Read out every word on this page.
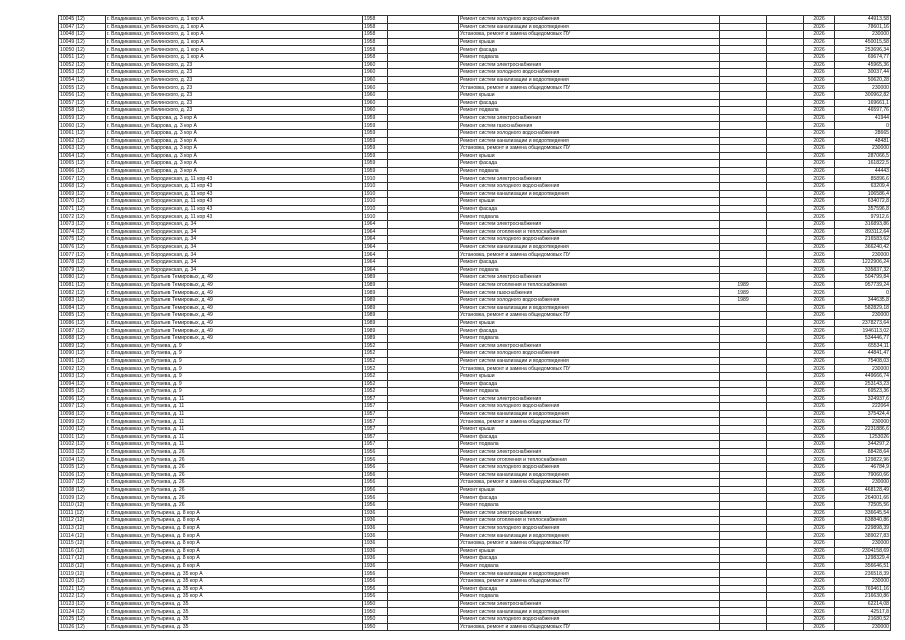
10045 (12)	г. Владикавказ, ул Белинского, д. 1 кор А	1958		Ремонт систем холодного водоснабжения			2026	44913,58
10047 (12)	г. Владикавказ, ул Белинского, д. 1 кор А	1958		Ремонт систем канализации и водоотведения			2026	78601,16
10048 (12)	г. Владикавказ, ул Белинского, д. 1 кор А	1958		Установка, ремонт и замена общедомовых ПУ			2026	230000
10049 (12)	г. Владикавказ, ул Белинского, д. 1 кор А	1958		Ремонт крыши			2026	450015,58
10050 (12)	г. Владикавказ, ул Белинского, д. 1 кор А	1958		Ремонт фасада			2026	253696,34
10051 (12)	г. Владикавказ, ул Белинского, д. 1 кор А	1958		Ремонт подвала			2026	69674,77
10052 (12)	г. Владикавказ, ул Белинского, д. 23	1960		Ремонт систем электроснабжения			2026	45965,36
10053 (12)	г. Владикавказ, ул Белинского, д. 23	1960		Ремонт систем холодного водоснабжения			2026	30037,44
10054 (12)	г. Владикавказ, ул Белинского, д. 23	1960		Ремонт систем канализации и водоотведения			2026	50620,28
10055 (12)	г. Владикавказ, ул Белинского, д. 23	1960		Установка, ремонт и замена общедомовых ПУ			2026	230000
10056 (12)	г. Владикавказ, ул Белинского, д. 23	1960		Ремонт крыши			2026	300962,82
10057 (12)	г. Владикавказ, ул Белинского, д. 23	1960		Ремонт фасада			2026	169661,1
10058 (12)	г. Владикавказ, ул Белинского, д. 23	1960		Ремонт подвала			2026	46597,76
10059 (12)	г. Владикавказ, ул Баррова, д. 3 кор А	1959		Ремонт систем электроснабжения			2026	41944
10060 (12)	г. Владикавказ, ул Баррова, д. 3 кор А	1959		Ремонт систем газоснабжения			2026	0
10061 (12)	г. Владикавказ, ул Баррова, д. 3 кор А	1959		Ремонт систем холодного водоснабжения			2026	28665
10062 (12)	г. Владикавказ, ул Баррова, д. 3 кор А	1959		Ремонт систем канализации и водоотведения			2026	48481
10063 (12)	г. Владикавказ, ул Баррова, д. 3 кор А	1959		Установка, ремонт и замена общедомовых ПУ			2026	230000
10064 (12)	г. Владикавказ, ул Баррова, д. 3 кор А	1959		Ремонт крыши			2026	287066,5
10065 (12)	г. Владикавказ, ул Баррова, д. 3 кор А	1959		Ремонт фасада			2026	161822,5
10066 (12)	г. Владикавказ, ул Баррова, д. 3 кор А	1959		Ремонт подвала			2026	44443
10067 (12)	г. Владикавказ, ул Бородинская, д. 11 кор 43	1910		Ремонт систем электроснабжения			2026	85896,6
10068 (12)	г. Владикавказ, ул Бородинская, д. 11 кор 43	1910		Ремонт систем холодного водоснабжения			2026	63209,4
10069 (12)	г. Владикавказ, ул Бородинская, д. 11 кор 43	1910		Ремонт систем канализации и водоотведения			2026	106586,4
10070 (12)	г. Владикавказ, ул Бородинская, д. 11 кор 43	1910		Ремонт крыши			2026	634072,8
10071 (12)	г. Владикавказ, ул Бородинская, д. 11 кор 43	1910		Ремонт фасада			2026	357596,8
10072 (12)	г. Владикавказ, ул Бородинская, д. 11 кор 43	1910		Ремонт подвала			2026	97912,6
10073 (12)	г. Владикавказ, ул Бородинская, д. 34	1964		Ремонт систем электроснабжения			2026	316893,86
10074 (12)	г. Владикавказ, ул Бородинская, д. 34	1964		Ремонт систем отопления и теплоснабжения			2026	893112,64
10075 (12)	г. Владикавказ, ул Бородинская, д. 34	1964		Ремонт систем холодного водоснабжения			2026	216583,62
10076 (12)	г. Владикавказ, ул Бородинская, д. 34	1964		Ремонт систем канализации и водоотведения			2026	366240,42
10077 (12)	г. Владикавказ, ул Бородинская, д. 34	1964		Установка, ремонт и замена общедомовых ПУ			2026	230000
10078 (12)	г. Владикавказ, ул Бородинская, д. 34	1964		Ремонт фасада			2026	1222906,24
10079 (12)	г. Владикавказ, ул Бородинская, д. 34	1964		Ремонт подвала			2026	335837,32
10080 (12)	г. Владикавказ, ул Братьев Темировых, д. 49	1989		Ремонт систем электроснабжения			2026	504799,84
10081 (12)	г. Владикавказ, ул Братьев Темировых, д. 49	1989		Ремонт систем отопления и теплоснабжения	1989		2026	957739,24
10082 (12)	г. Владикавказ, ул Братьев Темировых, д. 49	1989		Ремонт систем газоснабжения	1989		2026	0
10083 (12)	г. Владикавказ, ул Братьев Темировых, д. 49	1989		Ремонт систем холодного водоснабжения	1989		2026	344635,8
10084 (12)	г. Владикавказ, ул Братьев Темировых, д. 49	1989		Ремонт систем канализации и водоотведения			2026	582829,18
10085 (12)	г. Владикавказ, ул Братьев Темировых, д. 49	1989		Установка, ремонт и замена общедомовых ПУ			2026	230000
10086 (12)	г. Владикавказ, ул Братьев Темировых, д. 49	1989		Ремонт крыши			2026	2378273,64
10087 (12)	г. Владикавказ, ул Братьев Темировых, д. 49	1989		Ремонт фасада			2026	1946113,02
10088 (12)	г. Владикавказ, ул Братьев Темировых, д. 49	1989		Ремонт подвала			2026	534446,77
10089 (12)	г. Владикавказ, ул Бутаева, д. 9	1952		Ремонт систем электроснабжения			2026	65534,11
10090 (12)	г. Владикавказ, ул Бутаева, д. 9	1952		Ремонт систем холодного водоснабжения			2026	44841,47
10091 (12)	г. Владикавказ, ул Бутаева, д. 9	1952		Ремонт систем канализации и водоотведения			2026	75408,03
10092 (12)	г. Владикавказ, ул Бутаева, д. 9	1952		Установка, ремонт и замена общедомовых ПУ			2026	230000
10093 (12)	г. Владикавказ, ул Бутаева, д. 9	1952		Ремонт крыши			2026	449666,74
10094 (12)	г. Владикавказ, ул Бутаева, д. 9	1952		Ремонт фасада			2026	253143,23
10095 (12)	г. Владикавказ, ул Бутаева, д. 9	1952		Ремонт подвала			2026	69523,36
10096 (12)	г. Владикавказ, ул Бутаева, д. 11	1957		Ремонт систем электроснабжения			2026	324937,6
10097 (12)	г. Владикавказ, ул Бутаева, д. 11	1957		Ремонт систем холодного водоснабжения			2026	222064
10098 (12)	г. Владикавказ, ул Бутаева, д. 11	1957		Ремонт систем канализации и водоотведения			2026	375424,4
10099 (12)	г. Владикавказ, ул Бутаева, д. 11	1957		Установка, ремонт и замена общедомовых ПУ			2026	230000
10100 (12)	г. Владикавказ, ул Бутаева, д. 11	1957		Ремонт крыши			2026	2231886,6
10101 (12)	г. Владикавказ, ул Бутаева, д. 11	1957		Ремонт фасада			2026	1253026
10102 (12)	г. Владикавказ, ул Бутаева, д. 11	1957		Ремонт подвала			2026	344297,2
10103 (12)	г. Владикавказ, ул Бутаева, д. 26	1956		Ремонт систем электроснабжения			2026	88428,64
10104 (12)	г. Владикавказ, ул Бутаева, д. 26	1956		Ремонт систем отопления и теплоснабжения			2026	129822,96
10105 (12)	г. Владикавказ, ул Бутаева, д. 26	1956		Ремонт систем холодного водоснабжения			2026	46784,9
10106 (12)	г. Владикавказ, ул Бутаева, д. 26	1956		Ремонт систем канализации и водоотведения			2026	79060,66
10107 (12)	г. Владикавказ, ул Бутаева, д. 26	1956		Установка, ремонт и замена общедомовых ПУ			2026	230000
10108 (12)	г. Владикавказ, ул Бутаева, д. 26	1956		Ремонт крыши			2026	468128,49
10109 (12)	г. Владикавказ, ул Бутаева, д. 26	1956		Ремонт фасада			2026	264001,66
10110 (12)	г. Владикавказ, ул Бутаева, д. 26	1956		Ремонт подвала			2026	72505,56
10111 (12)	г. Владикавказ, ул Бутырина, д. 8 кор А	1936		Ремонт систем электроснабжения			2026	336645,54
10112 (12)	г. Владикавказ, ул Бутырина, д. 8 кор А	1936		Ремонт систем отопления и теплоснабжения			2026	638840,86
10113 (12)	г. Владикавказ, ул Бутырина, д. 8 кор А	1936		Ремонт систем холодного водоснабжения			2026	229898,39
10114 (12)	г. Владикавказ, ул Бутырина, д. 8 кор А	1936		Ремонт систем канализации и водоотведения			2026	389027,83
10115 (12)	г. Владикавказ, ул Бутырина, д. 8 кор А	1936		Установка, ремонт и замена общедомовых ПУ			2026	230000
10116 (12)	г. Владикавказ, ул Бутырина, д. 8 кор А	1936		Ремонт крыши			2026	2304158,69
10117 (12)	г. Владикавказ, ул Бутырина, д. 8 кор А	1936		Ремонт фасада			2026	1298329,4
10118 (12)	г. Владикавказ, ул Бутырина, д. 8 кор А	1936		Ремонт подвала			2026	356646,51
10119 (12)	г. Владикавказ, ул Бутырина, д. 35 кор А	1956		Ремонт систем канализации и водоотведения			2026	236518,39
10120 (12)	г. Владикавказ, ул Бутырина, д. 35 кор А	1956		Установка, ремонт и замена общедомовых ПУ			2026	230000
10121 (12)	г. Владикавказ, ул Бутырина, д. 35 кор А	1956		Ремонт фасада			2026	769461,16
10122 (12)	г. Владикавказ, ул Бутырина, д. 35 кор А	1956		Ремонт подвала			2026	216630,86
10123 (12)	г. Владикавказ, ул Бутырина, д. 35	1950		Ремонт систем электроснабжения			2026	62214,08
10124 (12)	г. Владикавказ, ул Бутырина, д. 35	1950		Ремонт систем канализации и водоотведения			2026	42517,8
10125 (12)	г. Владикавказ, ул Бутырина, д. 35	1950		Ремонт систем холодного водоснабжения			2026	21680,52
10126 (12)	г. Владикавказ, ул Бутырина, д. 35	1950		Установка, ремонт и замена общедомовых ПУ			2026	230000
